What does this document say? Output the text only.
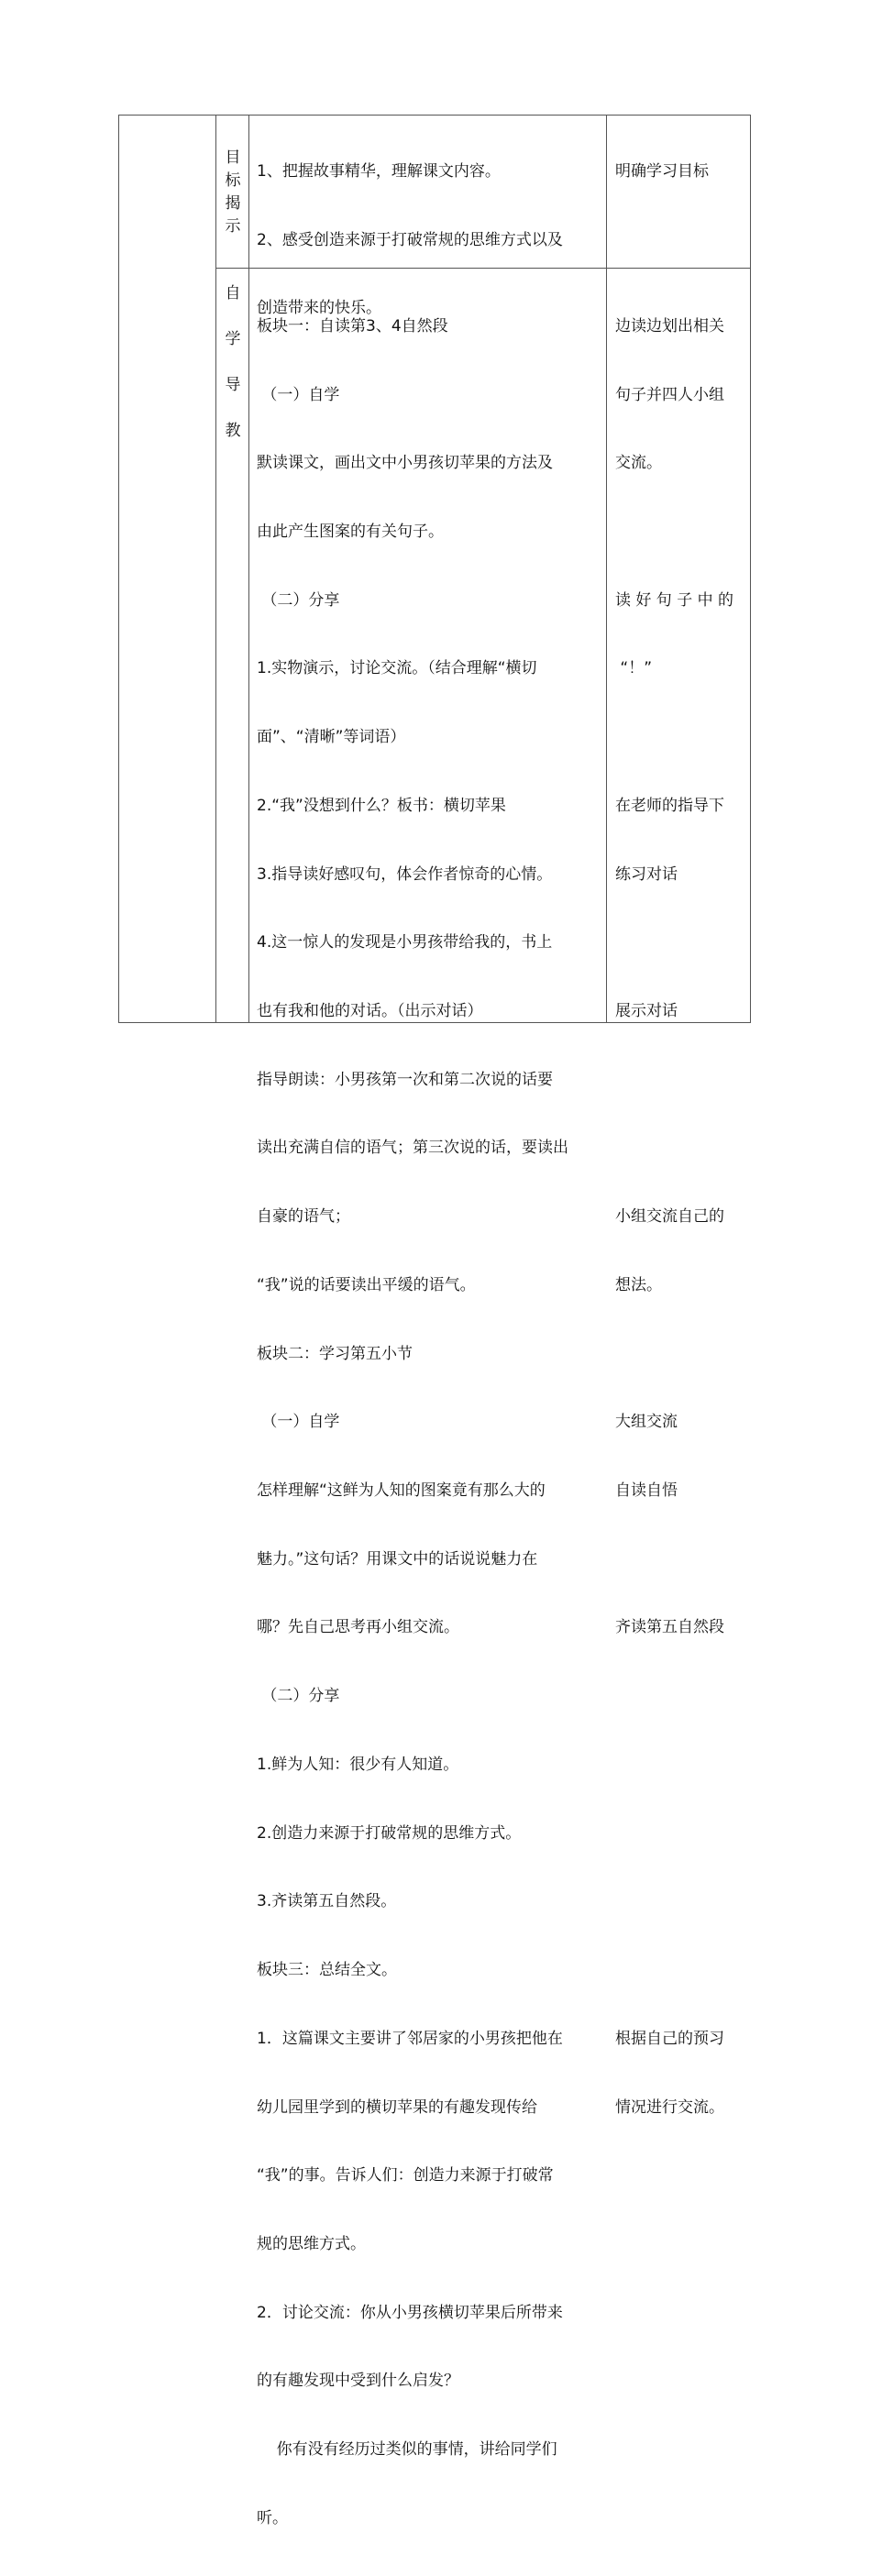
目
标
揭
示

1、把握故事精华，理解课文内容。

2、感受创造来源于打破常规的思维方式以及

创造带来的快乐。

明确学习目标

自
学
导
教

板块一：自读第3、4自然段

（一）自学

默读课文，画出文中小男孩切苹果的方法及

由此产生图案的有关句子。

（二）分享

1.实物演示，讨论交流。（结合理解“横切

面”、“清晰”等词语）

2.“我”没想到什么？板书：横切苹果

3.指导读好感叹句，体会作者惊奇的心情。

4.这一惊人的发现是小男孩带给我的，书上

也有我和他的对话。（出示对话）

指导朗读：小男孩第一次和第二次说的话要

读出充满自信的语气；第三次说的话，要读出

自豪的语气；

“我”说的话要读出平缓的语气。

板块二：学习第五小节

（一）自学

怎样理解“这鲜为人知的图案竟有那么大的

魅力。”这句话？用课文中的话说说魅力在

哪？先自己思考再小组交流。

（二）分享

1.鲜为人知：很少有人知道。

2.创造力来源于打破常规的思维方式。

3.齐读第五自然段。

板块三：总结全文。

1．这篇课文主要讲了邻居家的小男孩把他在

幼儿园里学到的横切苹果的有趣发现传给

“我”的事。告诉人们：创造力来源于打破常

规的思维方式。

2．讨论交流：你从小男孩横切苹果后所带来

的有趣发现中受到什么启发？

你有没有经历过类似的事情，讲给同学们

听。

边读边划出相关

句子并四人小组

交流。

读 好 句 子 中 的

“！”

在老师的指导下

练习对话

展示对话

小组交流自己的

想法。

大组交流

自读自悟

齐读第五自然段

根据自己的预习

情况进行交流。
